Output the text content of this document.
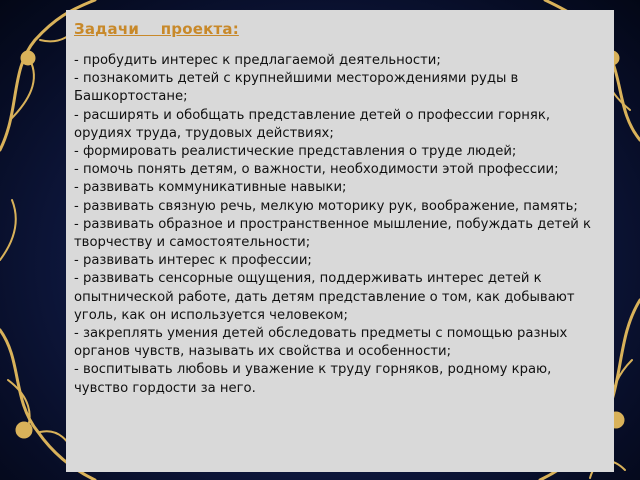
Задачи    проекта:
- пробудить интерес к предлагаемой деятельности;
- познакомить детей с крупнейшими месторождениями руды в Башкортостане;
- расширять и обобщать представление детей о профессии горняк, орудиях труда, трудовых действиях;
- формировать реалистические представления о труде людей;
- помочь понять детям, о важности, необходимости этой профессии;
- развивать коммуникативные навыки;
- развивать связную речь, мелкую моторику рук, воображение, память;
- развивать образное и пространственное мышление, побуждать детей к творчеству и самостоятельности;
- развивать интерес к профессии;
- развивать сенсорные ощущения, поддерживать интерес детей к опытнической работе, дать детям представление о том, как добывают уголь, как он используется человеком;
- закреплять умения детей обследовать предметы с помощью разных органов чувств, называть их свойства и особенности;
- воспитывать любовь и уважение к труду горняков, родному краю, чувство гордости за него.
